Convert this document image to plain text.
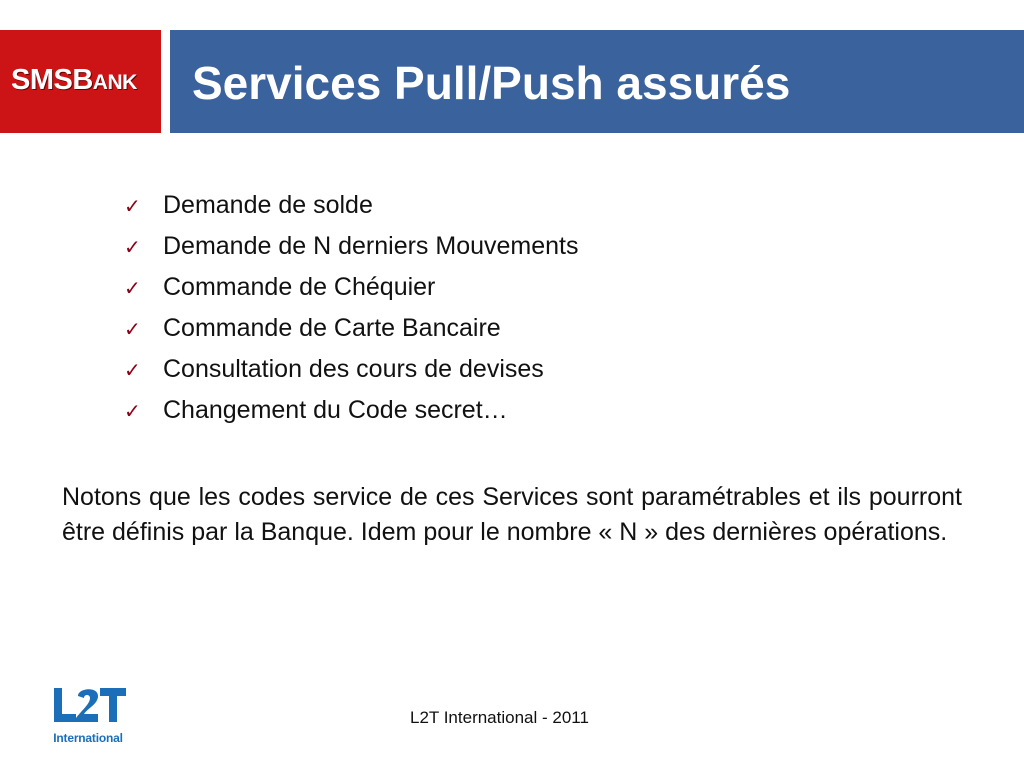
SMSBANK Services Pull/Push assurés
✓ Demande de solde
✓ Demande de N derniers Mouvements
✓ Commande de Chéquier
✓ Commande de Carte Bancaire
✓ Consultation des cours de devises
✓ Changement du Code secret…

Notons que les codes service de ces Services sont paramétrables et ils pourront être définis par la Banque. Idem pour le nombre « N » des dernières opérations.

International
L2T International - 2011
